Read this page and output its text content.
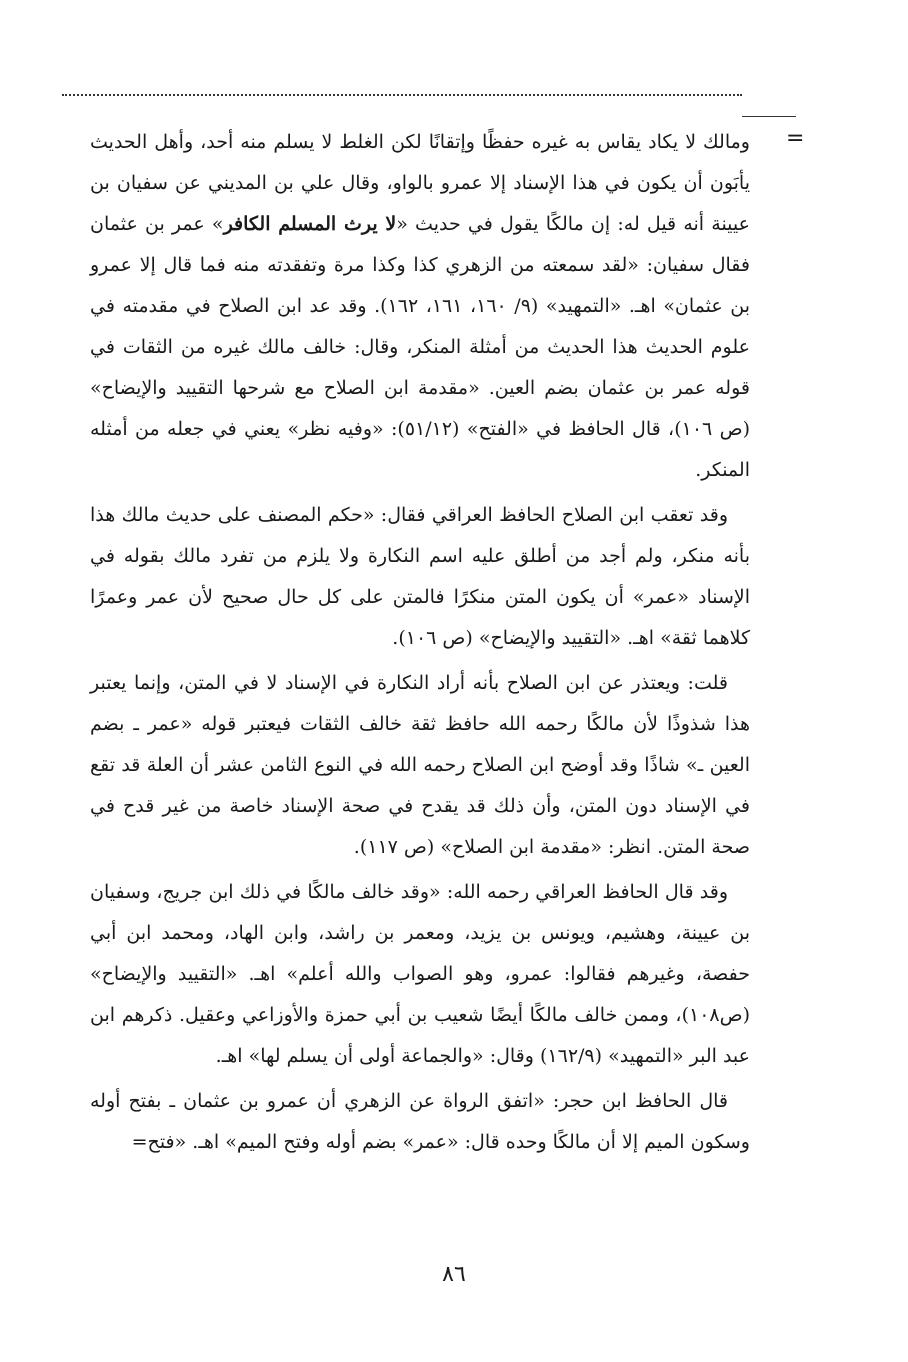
=

ومالك لا يكاد يقاس به غيره حفظًا وإتقانًا لكن الغلط لا يسلم منه أحد، وأهل الحديث يأبَون أن يكون في هذا الإسناد إلا عمرو بالواو، وقال علي بن المديني عن سفيان بن عيينة أنه قيل له: إن مالكًا يقول في حديث «لا يرث المسلم الكافر» عمر بن عثمان فقال سفيان: «لقد سمعته من الزهري كذا وكذا مرة وتفقدته منه فما قال إلا عمرو بن عثمان» اهـ. «التمهيد» (٩/ ١٦٠، ١٦١، ١٦٢). وقد عد ابن الصلاح في مقدمته في علوم الحديث هذا الحديث من أمثلة المنكر، وقال: خالف مالك غيره من الثقات في قوله عمر بن عثمان بضم العين. «مقدمة ابن الصلاح مع شرحها التقييد والإيضاح» (ص ١٠٦)، قال الحافظ في «الفتح» (٥١/١٢): «وفيه نظر» يعني في جعله من أمثله المنكر.

وقد تعقب ابن الصلاح الحافظ العراقي فقال: «حكم المصنف على حديث مالك هذا بأنه منكر، ولم أجد من أطلق عليه اسم النكارة ولا يلزم من تفرد مالك بقوله في الإسناد «عمر» أن يكون المتن منكرًا فالمتن على كل حال صحيح لأن عمر وعمرًا كلاهما ثقة» اهـ. «التقييد والإيضاح» (ص ١٠٦).

قلت: ويعتذر عن ابن الصلاح بأنه أراد النكارة في الإسناد لا في المتن، وإنما يعتبر هذا شذوذًا لأن مالكًا رحمه الله حافظ ثقة خالف الثقات فيعتبر قوله «عمر ـ بضم العين ـ» شاذًا وقد أوضح ابن الصلاح رحمه الله في النوع الثامن عشر أن العلة قد تقع في الإسناد دون المتن، وأن ذلك قد يقدح في صحة الإسناد خاصة من غير قدح في صحة المتن. انظر: «مقدمة ابن الصلاح» (ص ١١٧).

وقد قال الحافظ العراقي رحمه الله: «وقد خالف مالكًا في ذلك ابن جريج، وسفيان بن عيينة، وهشيم، ويونس بن يزيد، ومعمر بن راشد، وابن الهاد، ومحمد ابن أبي حفصة، وغيرهم فقالوا: عمرو، وهو الصواب والله أعلم» اهـ. «التقييد والإيضاح» (ص١٠٨)، وممن خالف مالكًا أيضًا شعيب بن أبي حمزة والأوزاعي وعقيل. ذكرهم ابن عبد البر «التمهيد» (١٦٢/٩) وقال: «والجماعة أولى أن يسلم لها» اهـ.

قال الحافظ ابن حجر: «اتفق الرواة عن الزهري أن عمرو بن عثمان ـ بفتح أوله وسكون الميم إلا أن مالكًا وحده قال: «عمر» بضم أوله وفتح الميم» اهـ. «فتح=

٨٦
